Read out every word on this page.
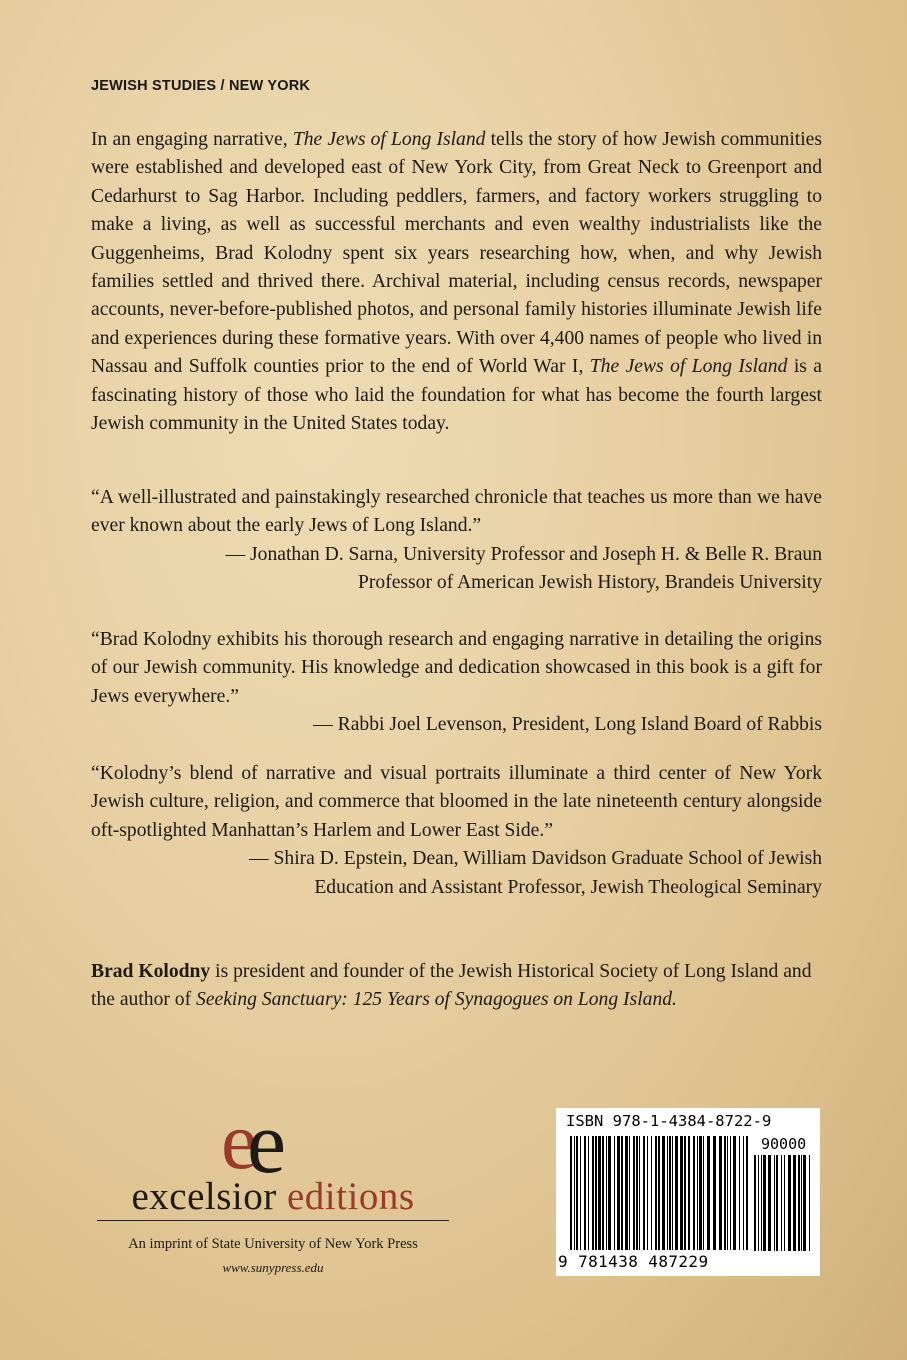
JEWISH STUDIES / NEW YORK

In an engaging narrative, The Jews of Long Island tells the story of how Jewish communities were established and developed east of New York City, from Great Neck to Greenport and Cedarhurst to Sag Harbor. Including peddlers, farmers, and factory workers struggling to make a living, as well as successful merchants and even wealthy industrialists like the Guggenheims, Brad Kolodny spent six years researching how, when, and why Jewish families settled and thrived there. Archival material, including census records, newspaper accounts, never-before-published photos, and personal family histories illuminate Jewish life and experiences during these formative years. With over 4,400 names of people who lived in Nassau and Suffolk counties prior to the end of World War I, The Jews of Long Island is a fascinating history of those who laid the foundation for what has become the fourth largest Jewish community in the United States today.

“A well-illustrated and painstakingly researched chronicle that teaches us more than we have ever known about the early Jews of Long Island.”

— Jonathan D. Sarna, University Professor and Joseph H. & Belle R. Braun

Professor of American Jewish History, Brandeis University

“Brad Kolodny exhibits his thorough research and engaging narrative in detailing the origins of our Jewish community. His knowledge and dedication showcased in this book is a gift for Jews everywhere.”

— Rabbi Joel Levenson, President, Long Island Board of Rabbis

“Kolodny’s blend of narrative and visual portraits illuminate a third center of New York Jewish culture, religion, and commerce that bloomed in the late nineteenth century alongside oft-spotlighted Manhattan’s Harlem and Lower East Side.”

— Shira D. Epstein, Dean, William Davidson Graduate School of Jewish

Education and Assistant Professor, Jewish Theological Seminary

Brad Kolodny is president and founder of the Jewish Historical Society of Long Island and the author of Seeking Sanctuary: 125 Years of Synagogues on Long Island.

e
e
excelsior editions
An imprint of State University of New York Press
www.sunypress.edu
ISBN 978-1-4384-8722-9
90000
9 781438 487229
